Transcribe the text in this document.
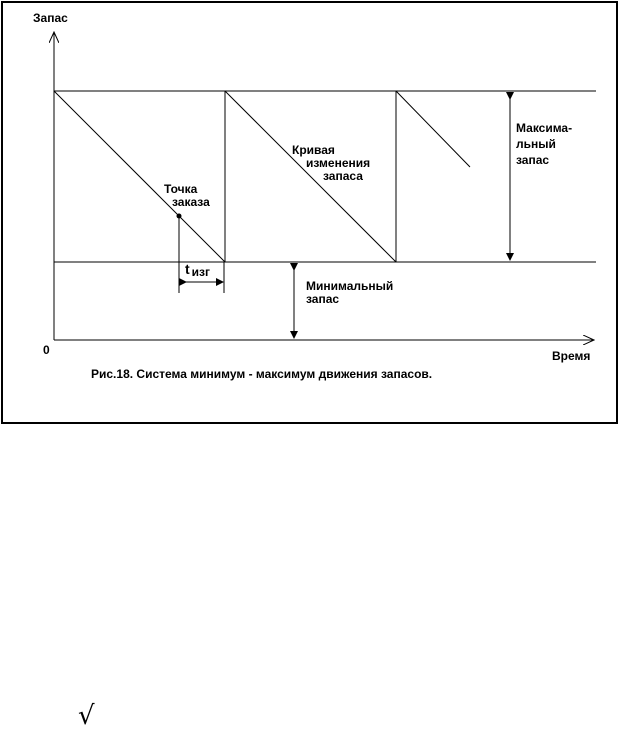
Запас
Время
0
Точка
заказа
t изг
Кривая
изменения
запаса
Максима-
льный
запас
Минимальный
запас
Рис.18. Система минимум - максимум движения запасов.
√
